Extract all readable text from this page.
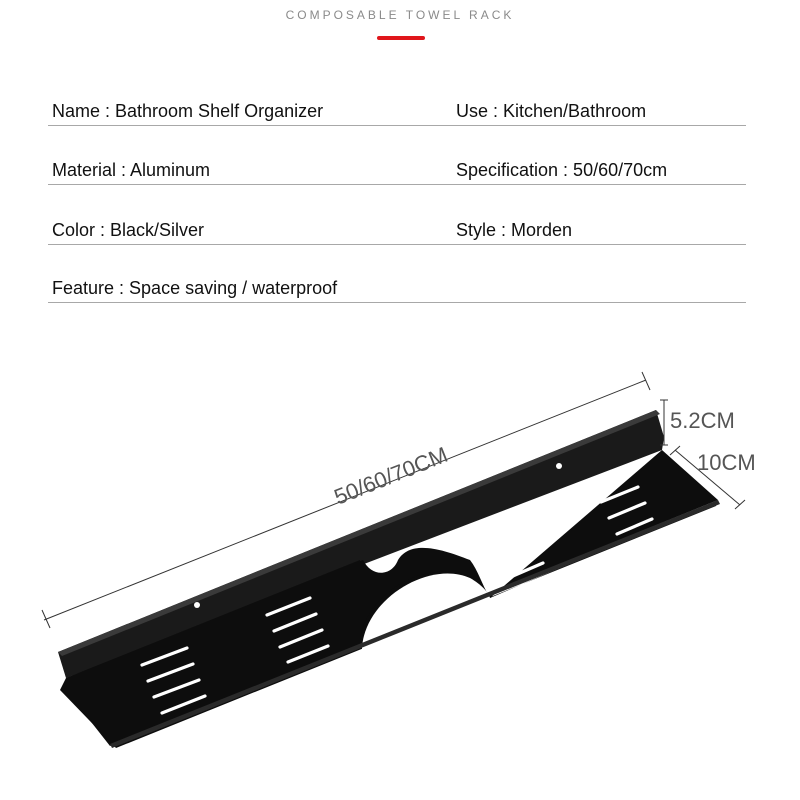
COMPOSABLE TOWEL RACK
Name : Bathroom Shelf Organizer	Use : Kitchen/Bathroom
Material : Aluminum	Specification : 50/60/70cm
Color : Black/Silver	Style : Morden
Feature : Space saving / waterproof
50/60/70CM
5.2CM
10CM
